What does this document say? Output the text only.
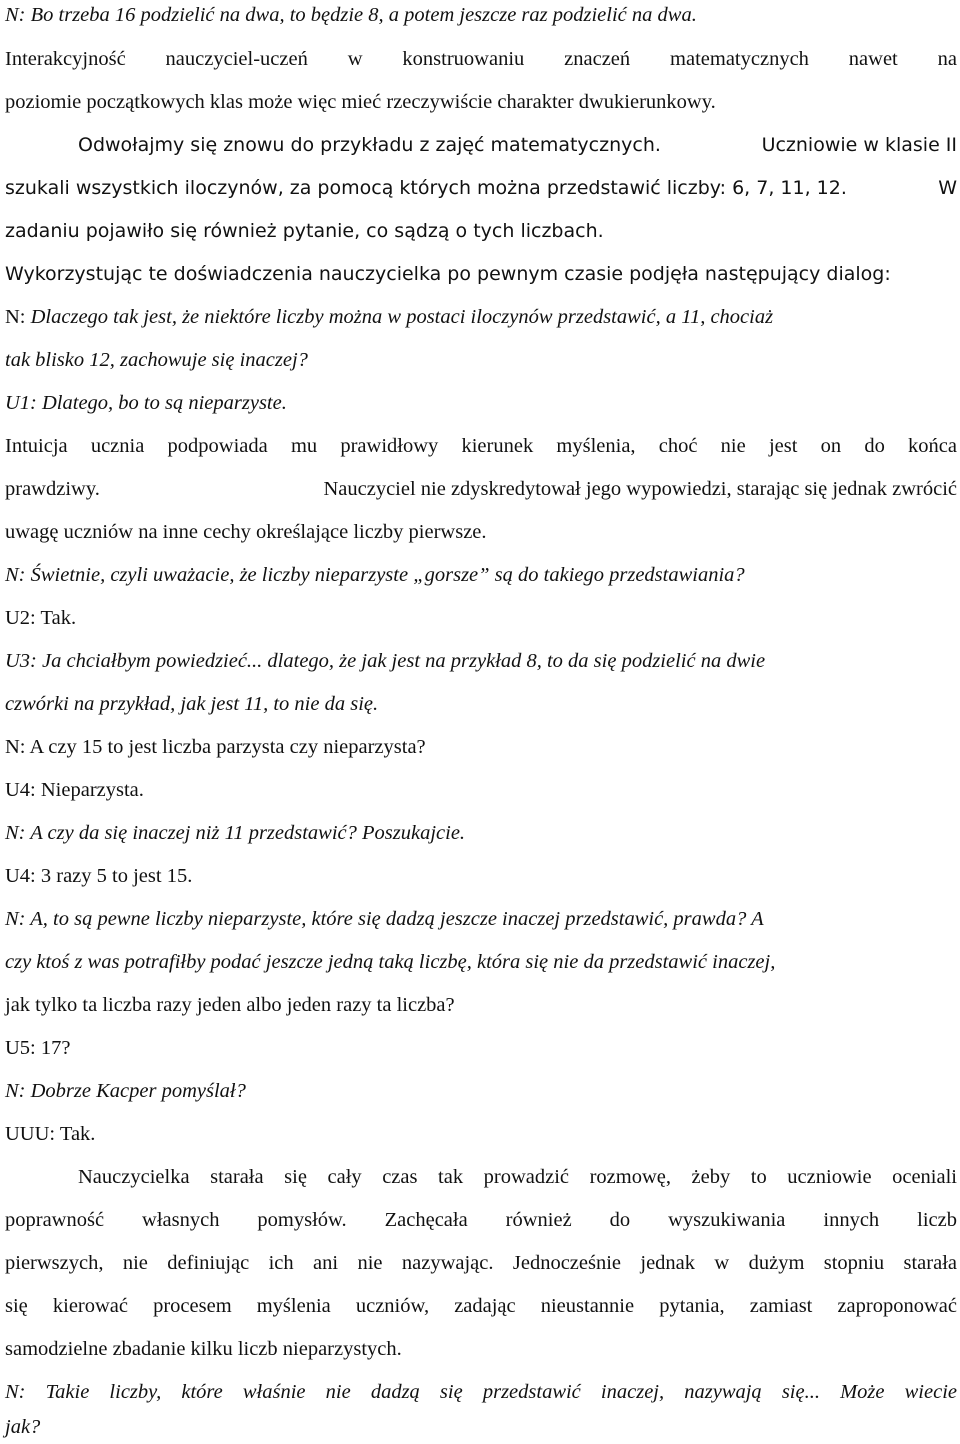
N: Bo trzeba 16 podzielić na dwa, to będzie 8, a potem jeszcze raz podzielić na dwa.
Interakcyjność nauczyciel-uczeń w konstruowaniu znaczeń matematycznych nawet na
poziomie początkowych klas może więc mieć rzeczywiście charakter dwukierunkowy.
Odwołajmy się znowu do przykładu z zajęć matematycznych.	Uczniowie w klasie II
szukali wszystkich iloczynów, za pomocą których można przedstawić liczby: 6, 7, 11, 12.	W
zadaniu pojawiło się również pytanie, co sądzą o tych liczbach.
Wykorzystując te doświadczenia nauczycielka po pewnym czasie podjęła następujący dialog:
N: Dlaczego tak jest, że niektóre liczby można w postaci iloczynów przedstawić, a 11, chociaż
tak blisko 12, zachowuje się inaczej?
U1: Dlatego, bo to są nieparzyste.
Intuicja ucznia podpowiada mu prawidłowy kierunek myślenia, choć nie jest on do końca
prawdziwy.	Nauczyciel nie zdyskredytował jego wypowiedzi, starając się jednak zwrócić
uwagę uczniów na inne cechy określające liczby pierwsze.
N: Świetnie, czyli uważacie, że liczby nieparzyste „gorsze” są do takiego przedstawiania?
U2: Tak.
U3: Ja chciałbym powiedzieć... dlatego, że jak jest na przykład 8, to da się podzielić na dwie
czwórki na przykład, jak jest 11, to nie da się.
N: A czy 15 to jest liczba parzysta czy nieparzysta?
U4: Nieparzysta.
N: A czy da się inaczej niż 11 przedstawić? Poszukajcie.
U4: 3 razy 5 to jest 15.
N: A, to są pewne liczby nieparzyste, które się dadzą jeszcze inaczej przedstawić, prawda? A
czy ktoś z was potrafiłby podać jeszcze jedną taką liczbę, która się nie da przedstawić inaczej,
jak tylko ta liczba razy jeden albo jeden razy ta liczba?
U5: 17?
N: Dobrze Kacper pomyślał?
UUU: Tak.
Nauczycielka starała się cały czas tak prowadzić rozmowę, żeby to uczniowie oceniali
poprawność własnych pomysłów. Zachęcała również do wyszukiwania innych liczb
pierwszych, nie definiując ich ani nie nazywając. Jednocześnie jednak w dużym stopniu starała
się kierować procesem myślenia uczniów, zadając nieustannie pytania, zamiast zaproponować
samodzielne zbadanie kilku liczb nieparzystych.
N: Takie liczby, które właśnie nie dadzą się przedstawić inaczej, nazywają się... Może wiecie
jak?
